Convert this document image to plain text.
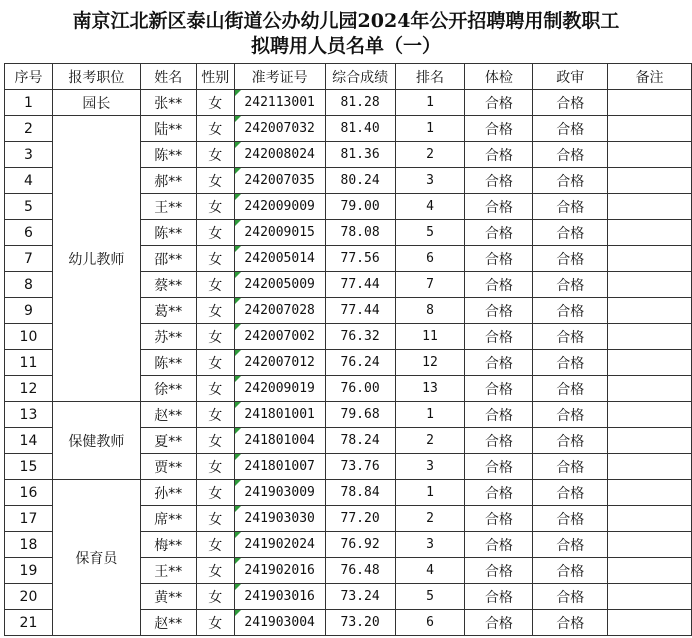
南京江北新区泰山街道公办幼儿园2024年公开招聘聘用制教职工
拟聘用人员名单（一）
序号	报考职位	姓名	性别	准考证号	综合成绩	排名	体检	政审	备注
1	园长	张**	女	242113001	81.28	1	合格	合格	
2	幼儿教师	陆**	女	242007032	81.40	1	合格	合格	
3		陈**	女	242008024	81.36	2	合格	合格	
4		郝**	女	242007035	80.24	3	合格	合格	
5		王**	女	242009009	79.00	4	合格	合格	
6		陈**	女	242009015	78.08	5	合格	合格	
7		邵**	女	242005014	77.56	6	合格	合格	
8		蔡**	女	242005009	77.44	7	合格	合格	
9		葛**	女	242007028	77.44	8	合格	合格	
10		苏**	女	242007002	76.32	11	合格	合格	
11		陈**	女	242007012	76.24	12	合格	合格	
12		徐**	女	242009019	76.00	13	合格	合格	
13	保健教师	赵**	女	241801001	79.68	1	合格	合格	
14		夏**	女	241801004	78.24	2	合格	合格	
15		贾**	女	241801007	73.76	3	合格	合格	
16	保育员	孙**	女	241903009	78.84	1	合格	合格	
17		席**	女	241903030	77.20	2	合格	合格	
18		梅**	女	241902024	76.92	3	合格	合格	
19		王**	女	241902016	76.48	4	合格	合格	
20		黄**	女	241903016	73.24	5	合格	合格	
21		赵**	女	241903004	73.20	6	合格	合格	
